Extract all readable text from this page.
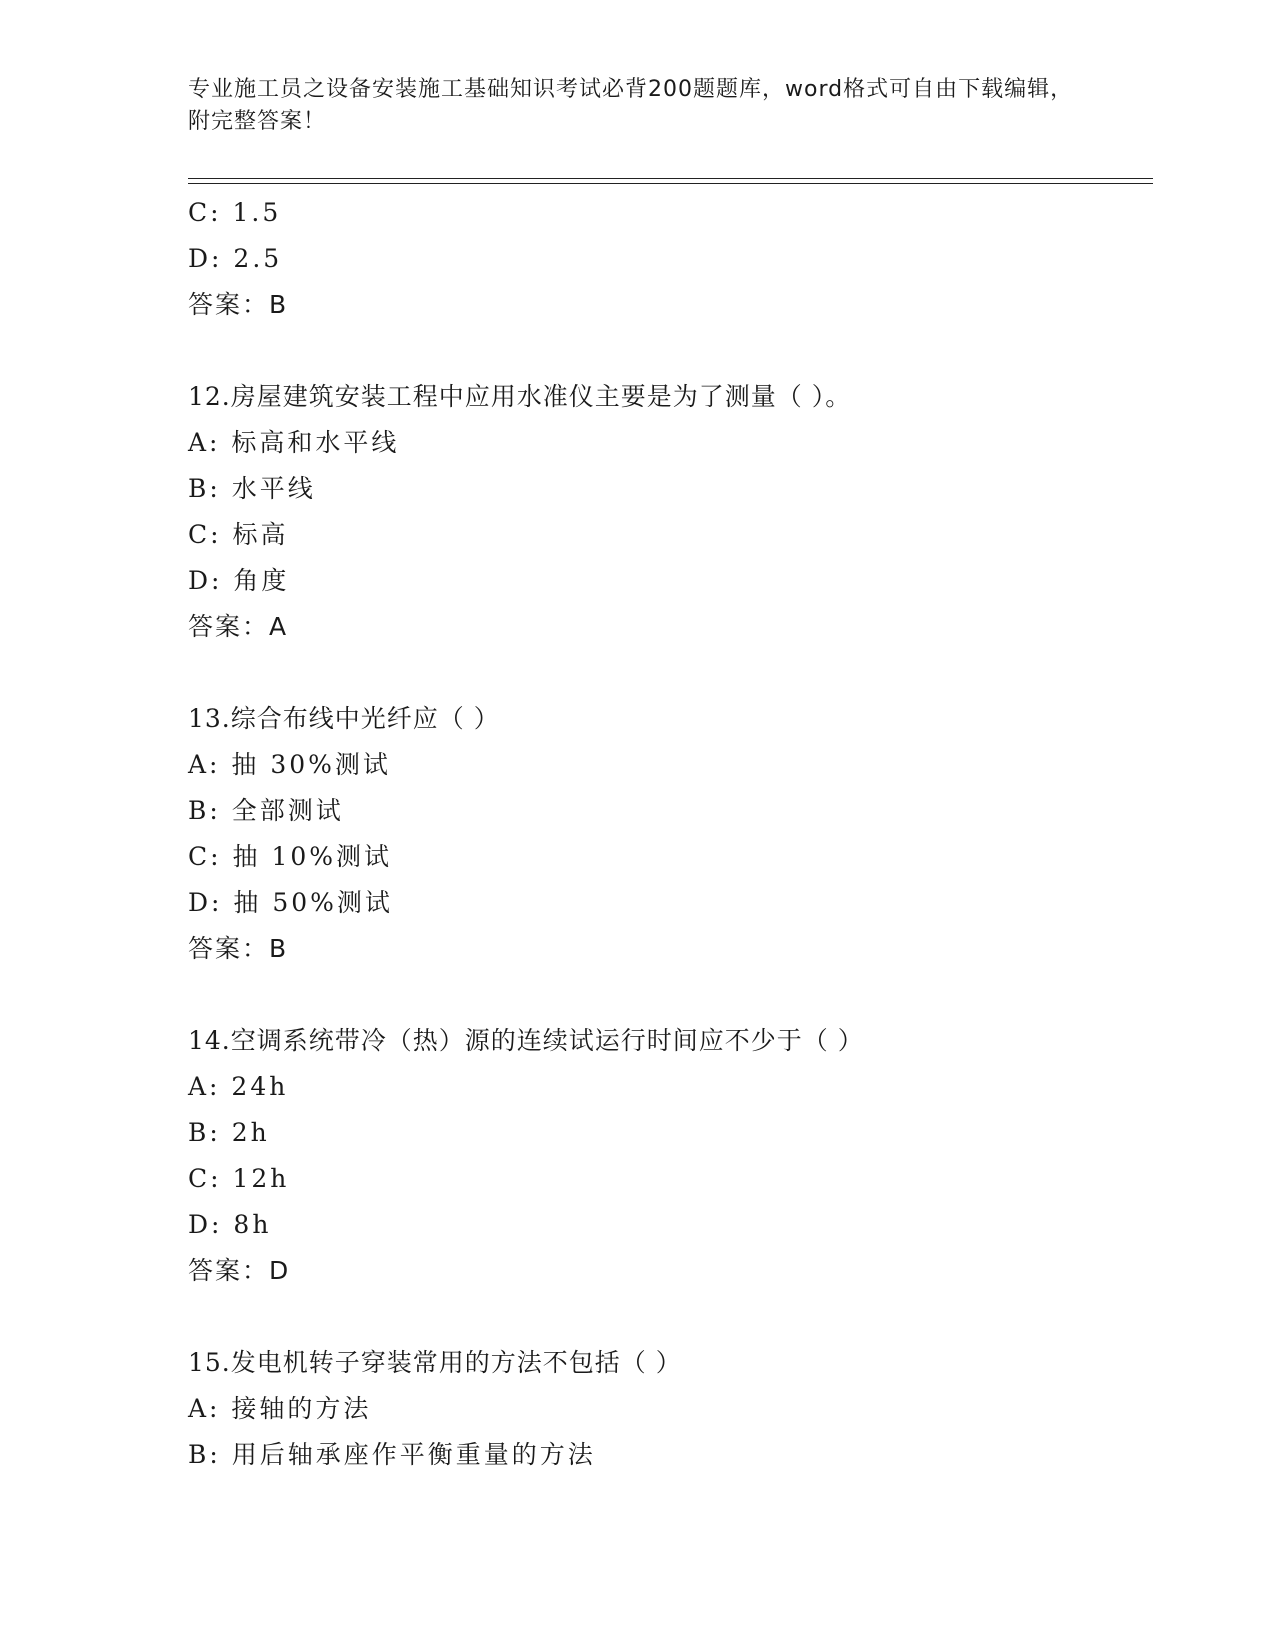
专业施工员之设备安装施工基础知识考试必背200题题库，word格式可自由下载编辑，附完整答案！
C: 1.5
D: 2.5
答案：B
12.房屋建筑安装工程中应用水准仪主要是为了测量（ ）。
A: 标高和水平线
B: 水平线
C: 标高
D: 角度
答案：A
13.综合布线中光纤应（ ）
A: 抽 30%测试
B: 全部测试
C: 抽 10%测试
D: 抽 50%测试
答案：B
14.空调系统带冷（热）源的连续试运行时间应不少于（ ）
A: 24h
B: 2h
C: 12h
D: 8h
答案：D
15.发电机转子穿装常用的方法不包括（ ）
A: 接轴的方法
B: 用后轴承座作平衡重量的方法
